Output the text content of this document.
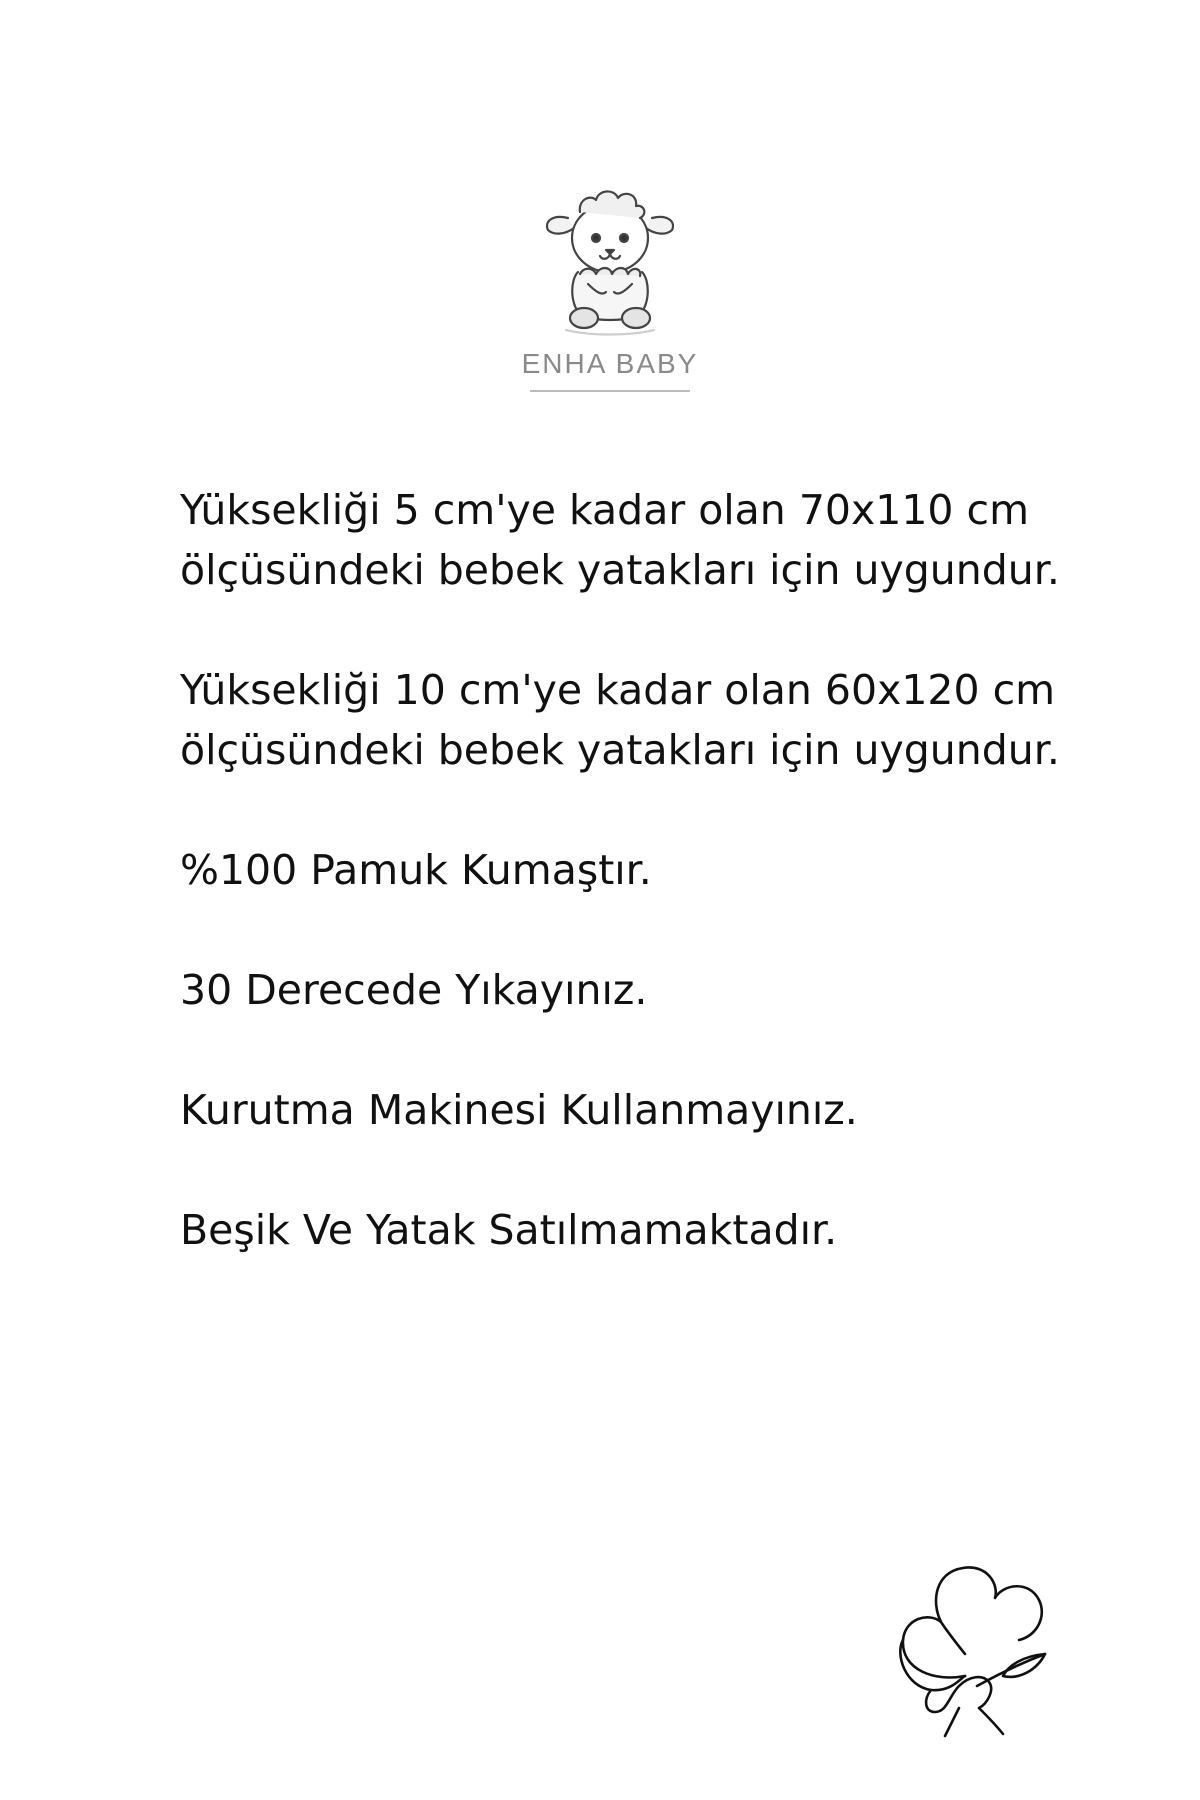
ENHA BABY

Yüksekliği 5 cm'ye kadar olan 70x110 cm ölçüsündeki bebek yatakları için uygundur.

Yüksekliği 10 cm'ye kadar olan 60x120 cm ölçüsündeki bebek yatakları için uygundur.

%100 Pamuk Kumaştır.

30 Derecede Yıkayınız.

Kurutma Makinesi Kullanmayınız.

Beşik Ve Yatak Satılmamaktadır.
